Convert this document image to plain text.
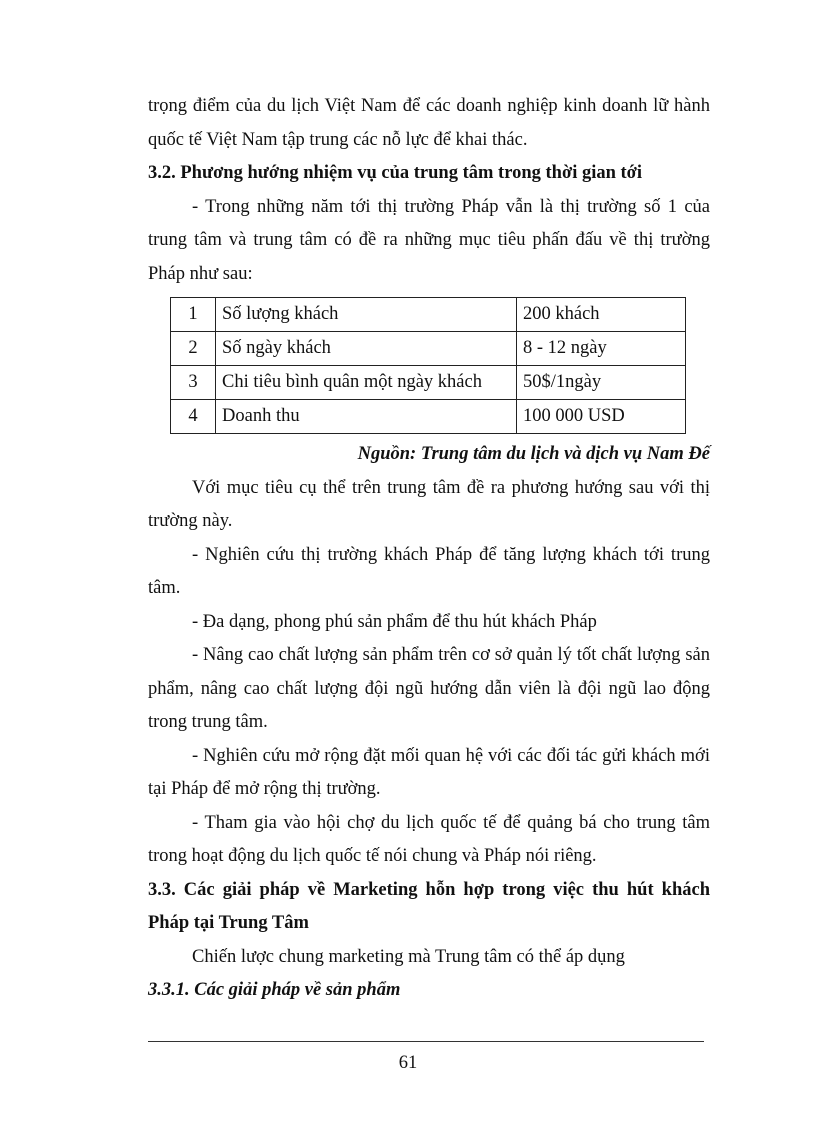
trọng điểm của du lịch Việt Nam để các doanh nghiệp kinh doanh lữ hành quốc tế Việt Nam tập trung các nỗ lực để khai thác.

3.2. Phương hướng nhiệm vụ của trung tâm trong thời gian tới

- Trong những năm tới thị trường Pháp vẫn là thị trường số 1 của trung tâm và trung tâm có đề ra những mục tiêu phấn đấu về thị trường Pháp như sau:

1	Số lượng khách	200 khách
2	Số ngày khách	8 - 12 ngày
3	Chi tiêu bình quân một ngày khách	50$/1ngày
4	Doanh thu	100 000 USD

Nguồn: Trung tâm du lịch và dịch vụ Nam Đế

Với mục tiêu cụ thể trên trung tâm đề ra phương hướng sau với thị trường này.

- Nghiên cứu thị trường khách Pháp để tăng lượng khách tới trung tâm.

- Đa dạng, phong phú sản phẩm để thu hút khách Pháp

- Nâng cao chất lượng sản phẩm trên cơ sở quản lý tốt chất lượng sản phẩm, nâng cao chất lượng đội ngũ hướng dẫn viên là đội ngũ lao động trong trung tâm.

- Nghiên cứu mở rộng đặt mối quan hệ với các đối tác gửi khách mới tại Pháp để mở rộng thị trường.

- Tham gia vào hội chợ du lịch quốc tế để quảng bá cho trung tâm trong hoạt động du lịch quốc tế nói chung và Pháp nói riêng.

3.3. Các giải pháp về Marketing hỗn hợp trong việc thu hút khách Pháp tại Trung Tâm

Chiến lược chung marketing mà Trung tâm có thể áp dụng

3.3.1. Các giải pháp về sản phẩm

61
